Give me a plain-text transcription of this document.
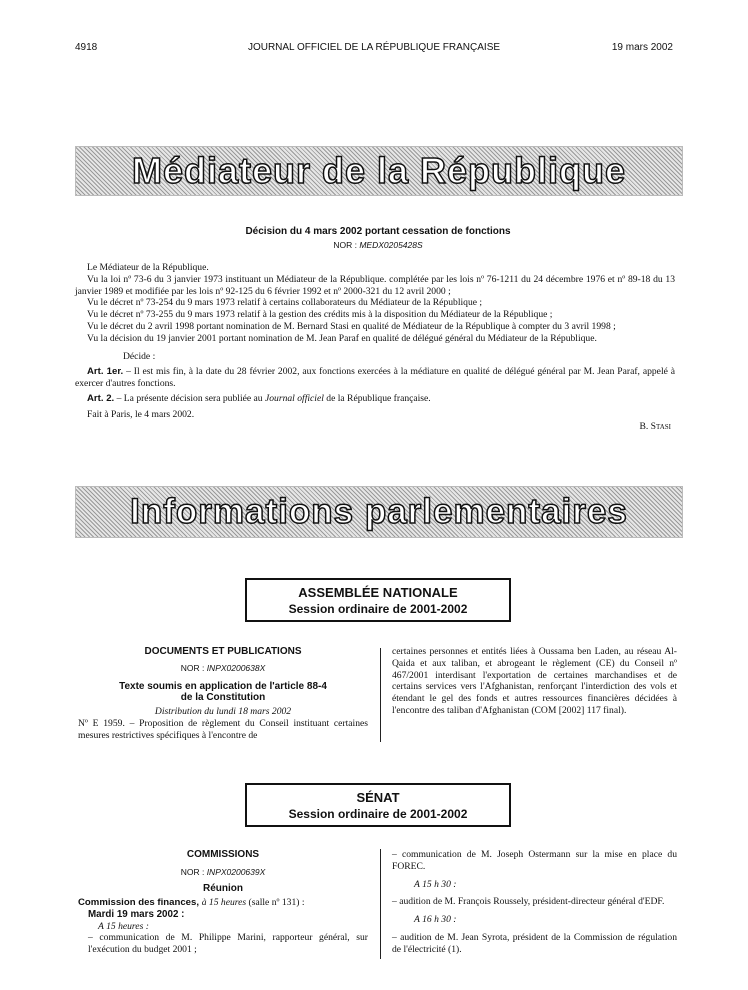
4918	JOURNAL OFFICIEL DE LA RÉPUBLIQUE FRANÇAISE	19 mars 2002
Médiateur de la République
Décision du 4 mars 2002 portant cessation de fonctions
NOR : MEDX0205428S

Le Médiateur de la République.

Vu la loi nº 73-6 du 3 janvier 1973 instituant un Médiateur de la République. complétée par les lois nº 76-1211 du 24 décembre 1976 et nº 89-18 du 13 janvier 1989 et modifiée par les lois nº 92-125 du 6 février 1992 et nº 2000-321 du 12 avril 2000 ;

Vu le décret nº 73-254 du 9 mars 1973 relatif à certains collaborateurs du Médiateur de la République ;

Vu le décret nº 73-255 du 9 mars 1973 relatif à la gestion des crédits mis à la disposition du Médiateur de la République ;

Vu le décret du 2 avril 1998 portant nomination de M. Bernard Stasi en qualité de Médiateur de la République à compter du 3 avril 1998 ;

Vu la décision du 19 janvier 2001 portant nomination de M. Jean Paraf en qualité de délégué général du Médiateur de la République.

Décide :

Art. 1er. – Il est mis fin, à la date du 28 février 2002, aux fonctions exercées à la médiature en qualité de délégué général par M. Jean Paraf, appelé à exercer d'autres fonctions.

Art. 2. – La présente décision sera publiée au Journal officiel de la République française.

Fait à Paris, le 4 mars 2002.

B. Stasi

Informations parlementaires
ASSEMBLÉE NATIONALE
Session ordinaire de 2001-2002
DOCUMENTS ET PUBLICATIONS
NOR : INPX0200638X
Texte soumis en application de l'article 88-4
de la Constitution
Distribution du lundi 18 mars 2002

Nº E 1959. – Proposition de règlement du Conseil instituant certaines mesures restrictives spécifiques à l'encontre de

certaines personnes et entités liées à Oussama ben Laden, au réseau Al-Qaida et aux taliban, et abrogeant le règlement (CE) du Conseil nº 467/2001 interdisant l'exportation de certaines marchandises et de certains services vers l'Afghanistan, renforçant l'interdiction des vols et étendant le gel des fonds et autres ressources financières décidées à l'encontre des taliban d'Afghanistan (COM [2002] 117 final).

SÉNAT
Session ordinaire de 2001-2002
COMMISSIONS
NOR : INPX0200639X
Réunion

Commission des finances, à 15 heures (salle nº 131) :

Mardi 19 mars 2002 :

A 15 heures :

– communication de M. Philippe Marini, rapporteur général, sur l'exécution du budget 2001 ;

– communication de M. Joseph Ostermann sur la mise en place du FOREC.

A 15 h 30 :

– audition de M. François Roussely, président-directeur général d'EDF.

A 16 h 30 :

– audition de M. Jean Syrota, président de la Commission de régulation de l'électricité (1).
